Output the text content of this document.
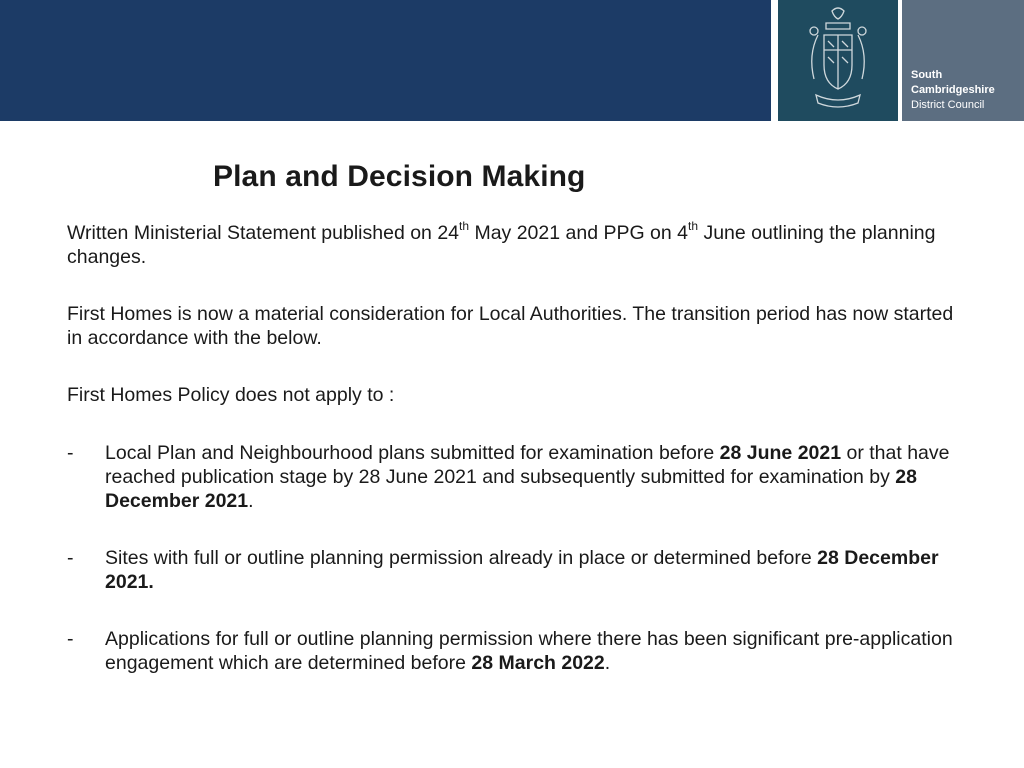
South
Cambridgeshire
District Council
Plan and Decision Making

Written Ministerial Statement published on 24th May 2021 and PPG on 4th June outlining the planning changes.

First Homes is now a material consideration for Local Authorities. The transition period has now started in accordance with the below.

First Homes Policy does not apply to :

- Local Plan and Neighbourhood plans submitted for examination before 28 June 2021 or that have reached publication stage by 28 June 2021 and subsequently submitted for examination by 28 December 2021.

- Sites with full or outline planning permission already in place or determined before 28 December 2021.

- Applications for full or outline planning permission where there has been significant pre-application engagement which are determined before 28 March 2022.
